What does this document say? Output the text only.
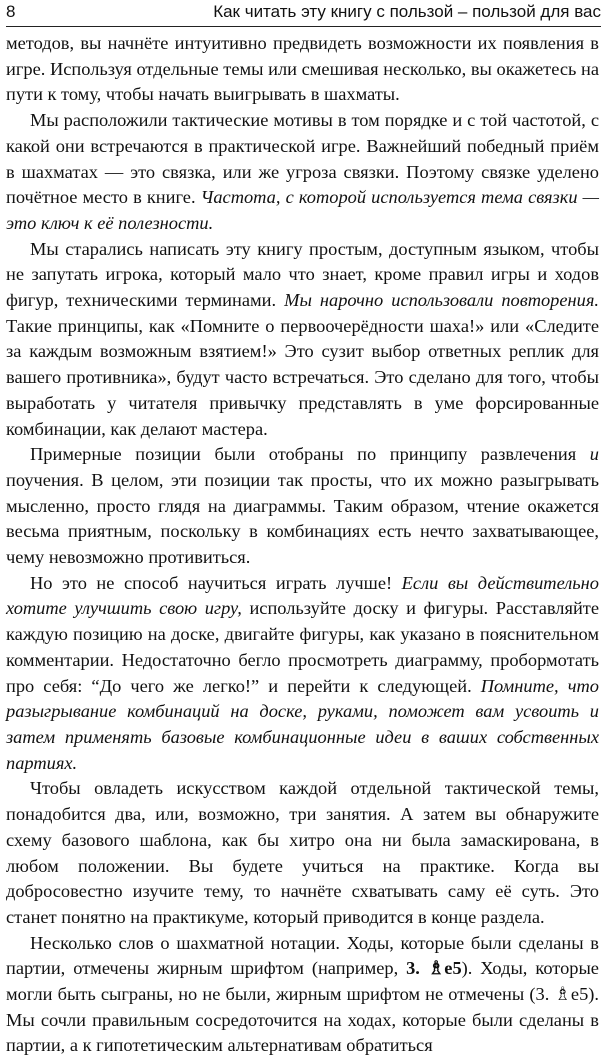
8	Как читать эту книгу с пользой – пользой для вас

методов, вы начнёте интуитивно предвидеть возможности их появления в игре. Используя отдельные темы или смешивая несколько, вы окажетесь на пути к тому, чтобы начать выигрывать в шахматы.

Мы расположили тактические мотивы в том порядке и с той частотой, с какой они встречаются в практической игре. Важнейший победный приём в шахматах — это связка, или же угроза связки. Поэтому связке уделено почётное место в книге. Частота, с которой используется тема связки — это ключ к её полезности.

Мы старались написать эту книгу простым, доступным языком, чтобы не запутать игрока, который мало что знает, кроме правил игры и ходов фигур, техническими терминами. Мы нарочно использовали повторения. Такие принципы, как «Помните о первоочерёдности шаха!» или «Следите за каждым возможным взятием!» Это сузит выбор ответных реплик для вашего противника», будут часто встречаться. Это сделано для того, чтобы выработать у читателя привычку представлять в уме форсированные комбинации, как делают мастера.

Примерные позиции были отобраны по принципу развлечения и поучения. В целом, эти позиции так просты, что их можно разыгрывать мысленно, просто глядя на диаграммы. Таким образом, чтение окажется весьма приятным, поскольку в комбинациях есть нечто захватывающее, чему невозможно противиться.

Но это не способ научиться играть лучше! Если вы действительно хотите улучшить свою игру, используйте доску и фигуры. Расставляйте каждую позицию на доске, двигайте фигуры, как указано в пояснительном комментарии. Недостаточно бегло просмотреть диаграмму, пробормотать про себя: “До чего же легко!” и перейти к следующей. Помните, что разыгрывание комбинаций на доске, руками, поможет вам усвоить и затем применять базовые комбинационные идеи в ваших собственных партиях.

Чтобы овладеть искусством каждой отдельной тактической темы, понадобится два, или, возможно, три занятия. А затем вы обнаружите схему базового шаблона, как бы хитро она ни была замаскирована, в любом положении. Вы будете учиться на практике. Когда вы добросовестно изучите тему, то начнёте схватывать саму её суть. Это станет понятно на практикуме, который приводится в конце раздела.

Несколько слов о шахматной нотации. Ходы, которые были сделаны в партии, отмечены жирным шрифтом (например, 3. ♗e5). Ходы, которые могли быть сыграны, но не были, жирным шрифтом не отмечены (3. ♗e5). Мы сочли правильным сосредоточится на ходах, которые были сделаны в партии, а к гипотетическим альтернативам обратиться
